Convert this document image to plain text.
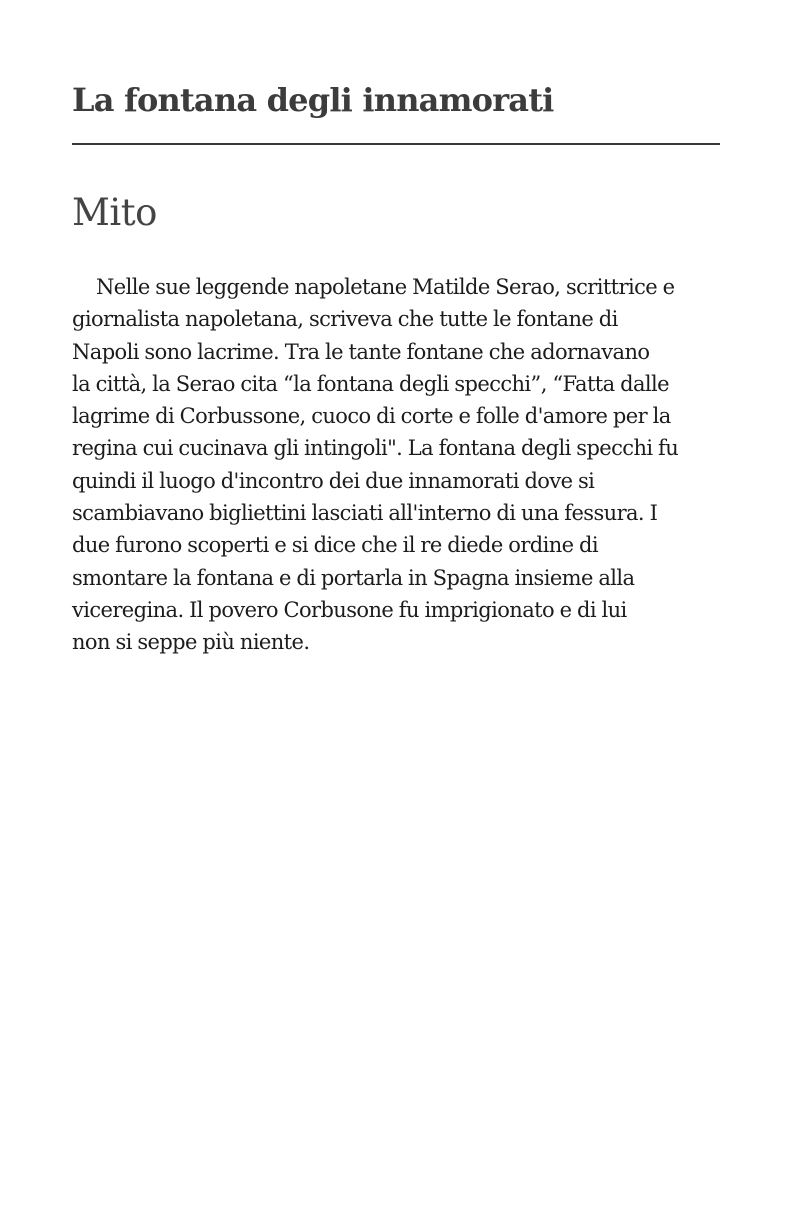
La fontana degli innamorati
Mito

Nelle sue leggende napoletane Matilde Serao, scrittrice e
giornalista napoletana, scriveva che tutte le fontane di
Napoli sono lacrime. Tra le tante fontane che adornavano
la città, la Serao cita “la fontana degli specchi”, “Fatta dalle
lagrime di Corbussone, cuoco di corte e folle d'amore per la
regina cui cucinava gli intingoli". La fontana degli specchi fu
quindi il luogo d'incontro dei due innamorati dove si
scambiavano bigliettini lasciati all'interno di una fessura. I
due furono scoperti e si dice che il re diede ordine di
smontare la fontana e di portarla in Spagna insieme alla
viceregina. Il povero Corbusone fu imprigionato e di lui
non si seppe più niente.
